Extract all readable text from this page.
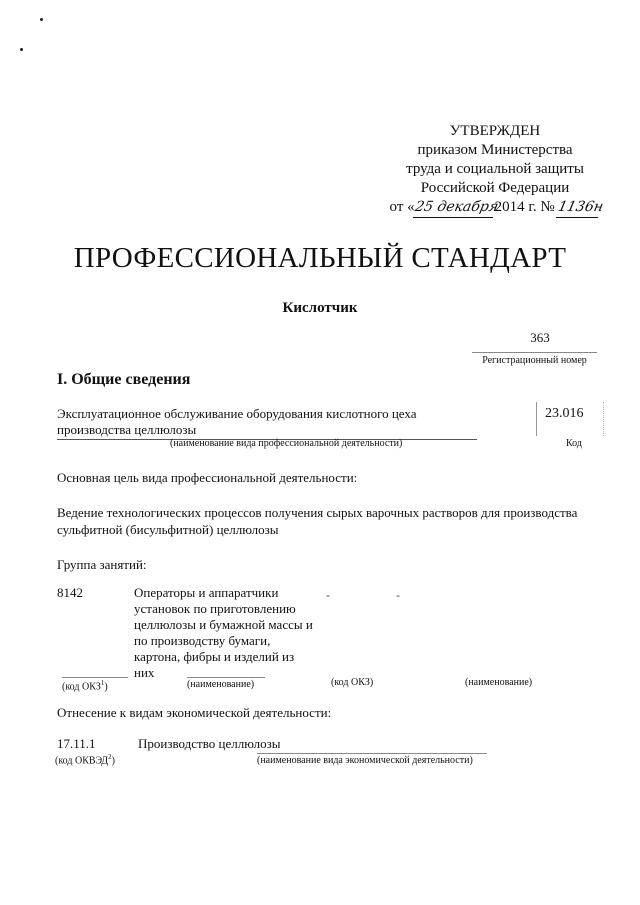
УТВЕРЖДЕН
приказом Министерства
труда и социальной защиты
Российской Федерации
от «25 декабря2014 г. № 1136н
ПРОФЕССИОНАЛЬНЫЙ СТАНДАРТ
Кислотчик
363
Регистрационный номер
I. Общие сведения
Эксплуатационное обслуживание оборудования кислотного цеха производства целлюлозы
23.016
(наименование вида профессиональной деятельности)	Код
Основная цель вида профессиональной деятельности:
Ведение технологических процессов получения сырых варочных растворов для производства сульфитной (бисульфитной) целлюлозы
Группа занятий:
8142	Операторы и аппаратчики установок по приготовлению целлюлозы и бумажной массы и по производству бумаги, картона, фибры и изделий из них
-	-
(код ОКЗ$^1$)	(наименование)	(код ОКЗ)	(наименование)
Отнесение к видам экономической деятельности:
17.11.1	Производство целлюлозы
(код ОКВЭД$^2$)	(наименование вида экономической деятельности)
